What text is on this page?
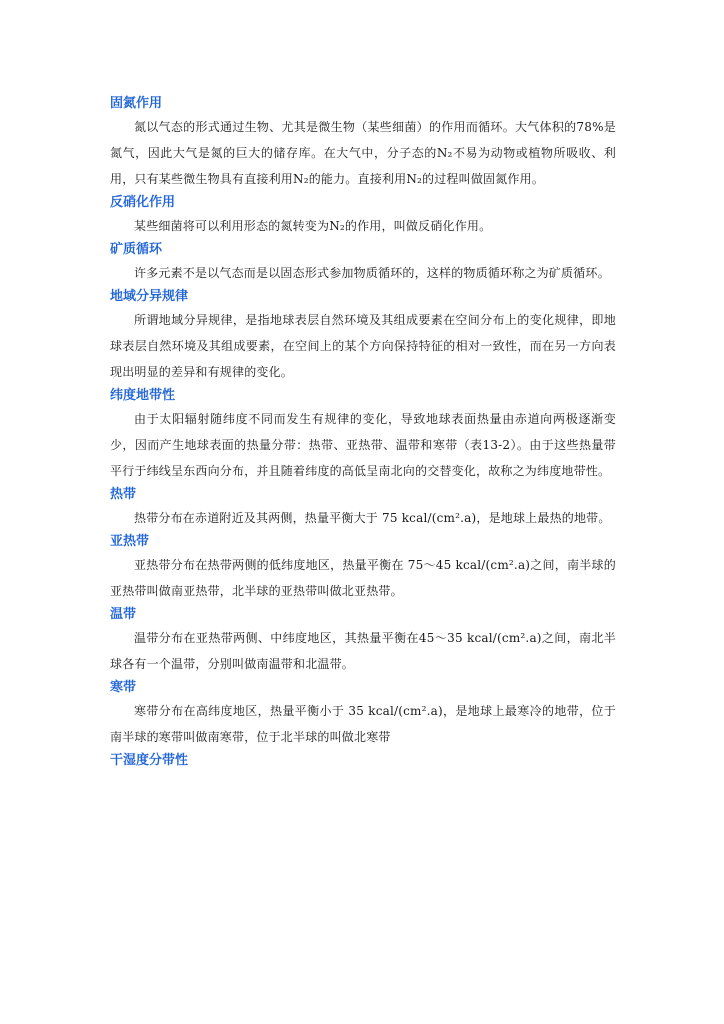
固氮作用

氮以气态的形式通过生物、尤其是微生物（某些细菌）的作用而循环。大气体积的78%是氮气，因此大气是氮的巨大的储存库。在大气中，分子态的N₂不易为动物或植物所吸收、利用，只有某些微生物具有直接利用N₂的能力。直接利用N₂的过程叫做固氮作用。

反硝化作用

某些细菌将可以利用形态的氮转变为N₂的作用，叫做反硝化作用。

矿质循环

许多元素不是以气态而是以固态形式参加物质循环的，这样的物质循环称之为矿质循环。

地域分异规律

所谓地域分异规律，是指地球表层自然环境及其组成要素在空间分布上的变化规律，即地球表层自然环境及其组成要素，在空间上的某个方向保持特征的相对一致性，而在另一方向表现出明显的差异和有规律的变化。

纬度地带性

由于太阳辐射随纬度不同而发生有规律的变化，导致地球表面热量由赤道向两极逐渐变少，因而产生地球表面的热量分带：热带、亚热带、温带和寒带（表13-2）。由于这些热量带平行于纬线呈东西向分布，并且随着纬度的高低呈南北向的交替变化，故称之为纬度地带性。

热带

热带分布在赤道附近及其两侧，热量平衡大于 75 kcal/(cm².a)，是地球上最热的地带。

亚热带

亚热带分布在热带两侧的低纬度地区，热量平衡在 75～45 kcal/(cm².a)之间，南半球的亚热带叫做南亚热带，北半球的亚热带叫做北亚热带。

温带

温带分布在亚热带两侧、中纬度地区，其热量平衡在45～35 kcal/(cm².a)之间，南北半球各有一个温带，分别叫做南温带和北温带。

寒带

寒带分布在高纬度地区，热量平衡小于 35 kcal/(cm².a)，是地球上最寒冷的地带，位于南半球的寒带叫做南寒带，位于北半球的叫做北寒带

干湿度分带性
